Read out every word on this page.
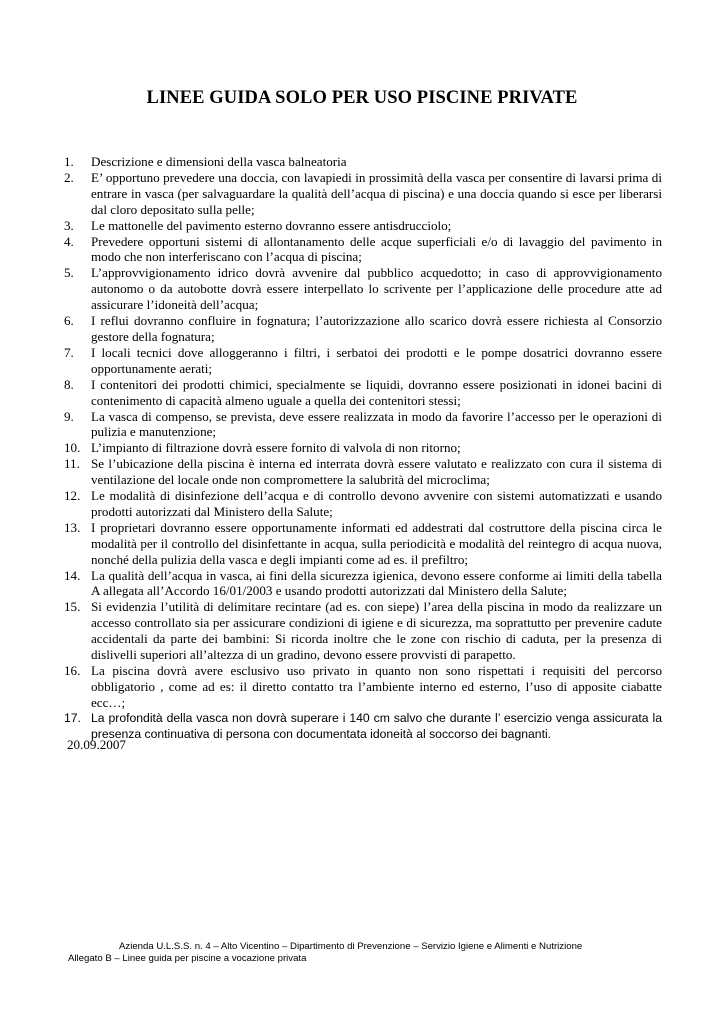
LINEE GUIDA SOLO PER USO PISCINE PRIVATE
1.	Descrizione e dimensioni della vasca balneatoria
2.	E’ opportuno prevedere una doccia, con lavapiedi in prossimità della vasca per consentire di lavarsi prima di entrare in vasca (per salvaguardare la qualità dell’acqua di piscina) e una doccia quando si esce per liberarsi dal cloro depositato sulla pelle;
3.	Le mattonelle del pavimento esterno dovranno essere antisdrucciolo;
4.	Prevedere opportuni sistemi di allontanamento delle acque superficiali e/o di lavaggio del pavimento in modo che non interferiscano con l’acqua di piscina;
5.	L’approvvigionamento idrico dovrà avvenire dal pubblico acquedotto; in caso di approvvigionamento autonomo o da autobotte dovrà essere interpellato lo scrivente per l’applicazione delle procedure atte ad assicurare l’idoneità dell’acqua;
6.	I reflui dovranno confluire in fognatura; l’autorizzazione allo scarico dovrà essere richiesta al Consorzio gestore della fognatura;
7.	I locali tecnici dove alloggeranno i filtri, i serbatoi dei prodotti e le pompe dosatrici dovranno essere opportunamente aerati;
8.	I contenitori dei prodotti chimici, specialmente se liquidi, dovranno essere posizionati in idonei bacini di contenimento di capacità almeno uguale a quella dei contenitori stessi;
9.	La vasca di compenso, se prevista, deve essere realizzata in modo da favorire l’accesso per le operazioni di pulizia e manutenzione;
10. L’impianto di filtrazione dovrà essere fornito di valvola di non ritorno;
11. Se l’ubicazione della piscina è interna ed interrata dovrà essere valutato e realizzato con cura il sistema di ventilazione del locale onde non compromettere la salubrità del microclima;
12. Le modalità di disinfezione dell’acqua e di controllo devono avvenire con sistemi automatizzati e usando prodotti autorizzati dal Ministero della Salute;
13. I proprietari dovranno essere opportunamente informati ed addestrati dal costruttore della piscina circa le modalità per il controllo del disinfettante in acqua, sulla periodicità e modalità del reintegro di acqua nuova, nonché della pulizia della vasca e degli impianti come ad es. il prefiltro;
14. La qualità dell’acqua in vasca, ai fini della sicurezza igienica, devono essere conforme ai limiti della tabella A allegata all’Accordo 16/01/2003 e usando prodotti autorizzati dal Ministero della Salute;
15. Si evidenzia l’utilità di delimitare recintare (ad es. con siepe) l’area della piscina in modo da realizzare un accesso controllato sia per assicurare condizioni di igiene e di sicurezza, ma soprattutto per prevenire cadute accidentali da parte dei bambini: Si ricorda inoltre che le zone con rischio di caduta, per la presenza di dislivelli superiori all’altezza di un gradino, devono essere provvisti di parapetto.
16. La piscina dovrà avere esclusivo uso privato in quanto non sono rispettati i requisiti del percorso obbligatorio , come ad es: il diretto contatto tra l’ambiente interno ed esterno, l’uso di apposite ciabatte ecc…;
17. La profondità della vasca non dovrà superare i 140 cm salvo che durante l’ esercizio venga assicurata la presenza continuativa di persona con documentata idoneità al soccorso dei bagnanti.
20.09.2007
Azienda U.L.S.S. n. 4 – Alto Vicentino – Dipartimento di Prevenzione – Servizio Igiene e Alimenti e Nutrizione
Allegato B – Linee guida per piscine a vocazione privata
